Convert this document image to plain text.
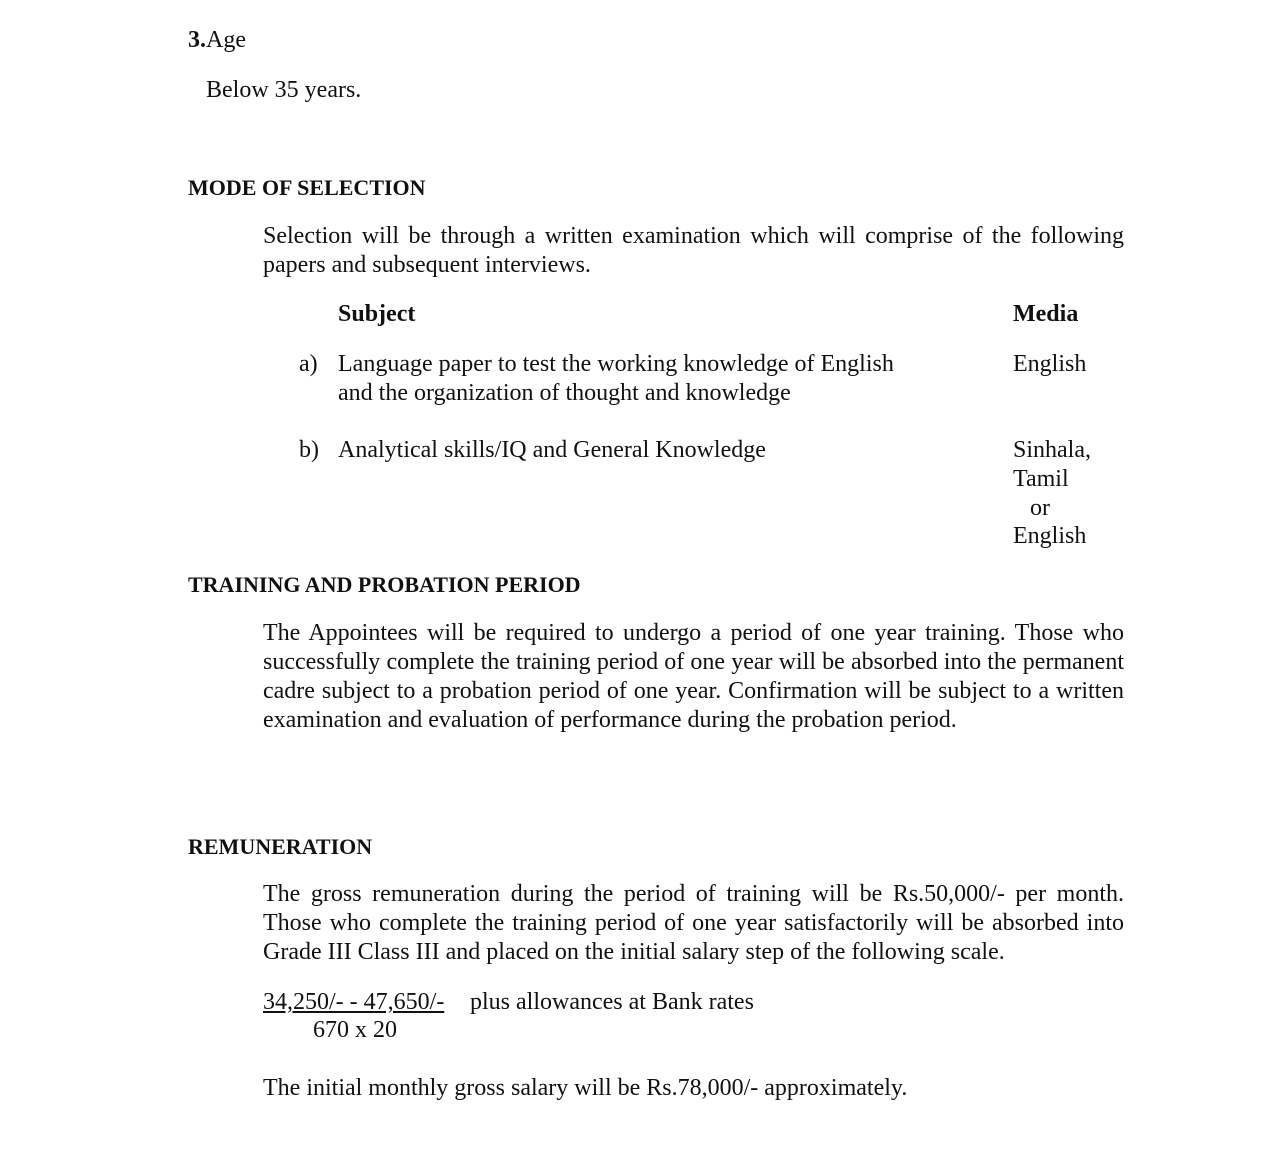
3.Age
Below 35 years.
MODE OF SELECTION
Selection will be through a written examination which will comprise of the following papers and subsequent interviews.
Subject	Media
a) Language paper to test the working knowledge of English
and the organization of thought and knowledge
English
b) Analytical skills/IQ and General Knowledge	Sinhala,
Tamil
or
English
TRAINING AND PROBATION PERIOD
The Appointees will be required to undergo a period of one year training. Those who successfully complete the training period of one year will be absorbed into the permanent cadre subject to a probation period of one year. Confirmation will be subject to a written examination and evaluation of performance during the probation period.
REMUNERATION
The gross remuneration during the period of training will be Rs.50,000/- per month. Those who complete the training period of one year satisfactorily will be absorbed into Grade III Class III and placed on the initial salary step of the following scale.
34,250/- - 47,650/- plus allowances at Bank rates
670 x 20
The initial monthly gross salary will be Rs.78,000/- approximately.
